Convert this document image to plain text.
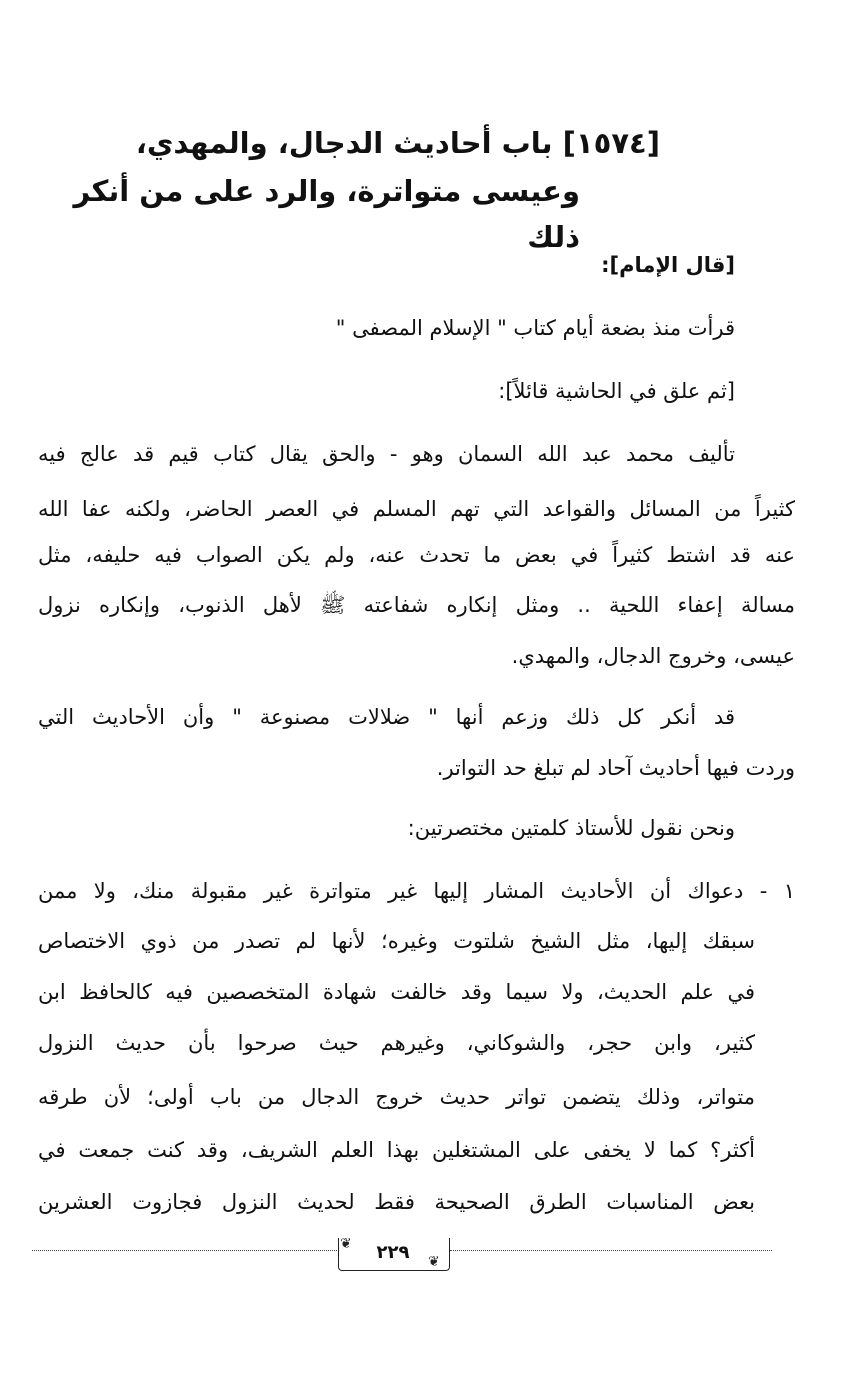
[١٥٧٤] باب أحاديث الدجال، والمهدي،
وعيسى متواترة، والرد على من أنكر ذلك
[قال الإمام]:
قرأت منذ بضعة أيام كتاب " الإسلام المصفى "
[ثم علق في الحاشية قائلاً]:
تأليف محمد عبد الله السمان وهو - والحق يقال كتاب قيم قد عالج فيه
كثيراً من المسائل والقواعد التي تهم المسلم في العصر الحاضر، ولكنه عفا الله
عنه قد اشتط كثيراً في بعض ما تحدث عنه، ولم يكن الصواب فيه حليفه، مثل
مسالة إعفاء اللحية .. ومثل إنكاره شفاعته ﷺ لأهل الذنوب، وإنكاره نزول
عيسى، وخروج الدجال، والمهدي.
قد أنكر كل ذلك وزعم أنها " ضلالات مصنوعة " وأن الأحاديث التي
وردت فيها أحاديث آحاد لم تبلغ حد التواتر.
ونحن نقول للأستاذ كلمتين مختصرتين:
١ - دعواك أن الأحاديث المشار إليها غير متواترة غير مقبولة منك، ولا ممن
سبقك إليها، مثل الشيخ شلتوت وغيره؛ لأنها لم تصدر من ذوي الاختصاص
في علم الحديث، ولا سيما وقد خالفت شهادة المتخصصين فيه كالحافظ ابن
كثير، وابن حجر، والشوكاني، وغيرهم حيث صرحوا بأن حديث النزول
متواتر، وذلك يتضمن تواتر حديث خروج الدجال من باب أولى؛ لأن طرقه
أكثر؟ كما لا يخفى على المشتغلين بهذا العلم الشريف، وقد كنت جمعت في
بعض المناسبات الطرق الصحيحة فقط لحديث النزول فجازوت العشرين
❦
❦
٢٢٩
